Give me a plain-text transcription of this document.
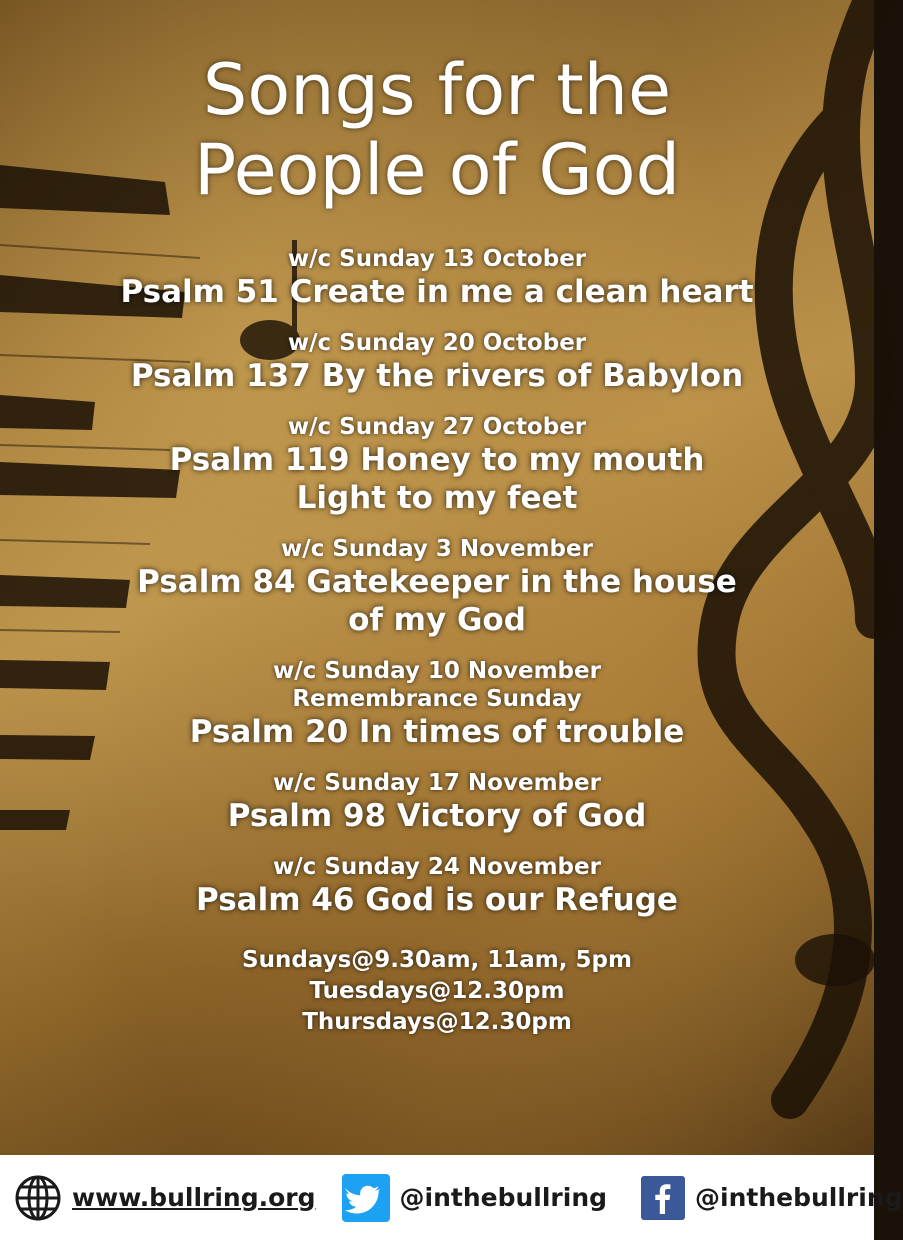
Songs for the
People of God
w/c Sunday 13 October
Psalm 51 Create in me a clean heart
w/c Sunday 20 October
Psalm 137 By the rivers of Babylon
w/c Sunday 27 October
Psalm 119 Honey to my mouth
Light to my feet
w/c Sunday 3 November
Psalm 84 Gatekeeper in the house
of my God
w/c Sunday 10 November
Remembrance Sunday
Psalm 20 In times of trouble
w/c Sunday 17 November
Psalm 98 Victory of God
w/c Sunday 24 November
Psalm 46 God is our Refuge
Sundays@9.30am, 11am, 5pm
Tuesdays@12.30pm
Thursdays@12.30pm
www.bullring.org	@inthebullring	@inthebullring
